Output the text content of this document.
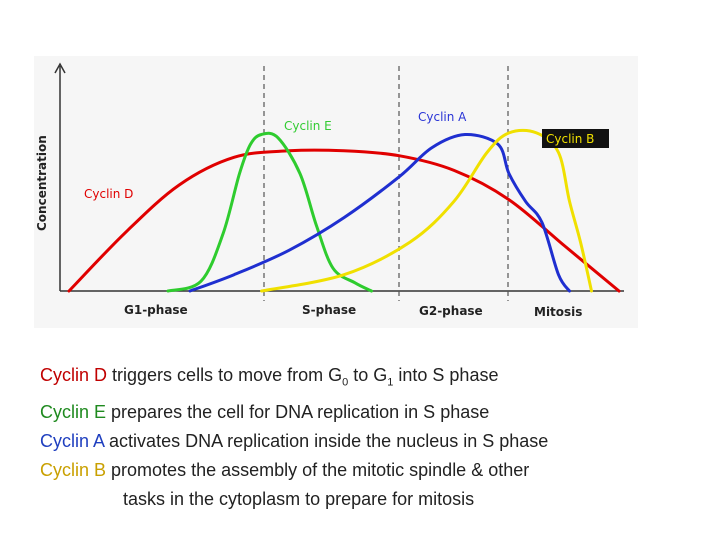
Concentration	Cyclin D
Cyclin E
Cyclin A
Cyclin B
G1-phase	S-phase	G2-phase	Mitosis
Cyclin D triggers cells to move from $G_0$ to $G_1$ into S phase
Cyclin E prepares the cell for DNA replication in S phase
Cyclin A activates DNA replication inside the nucleus in S phase
Cyclin B promotes the assembly of the mitotic spindle & other
tasks in the cytoplasm to prepare for mitosis
